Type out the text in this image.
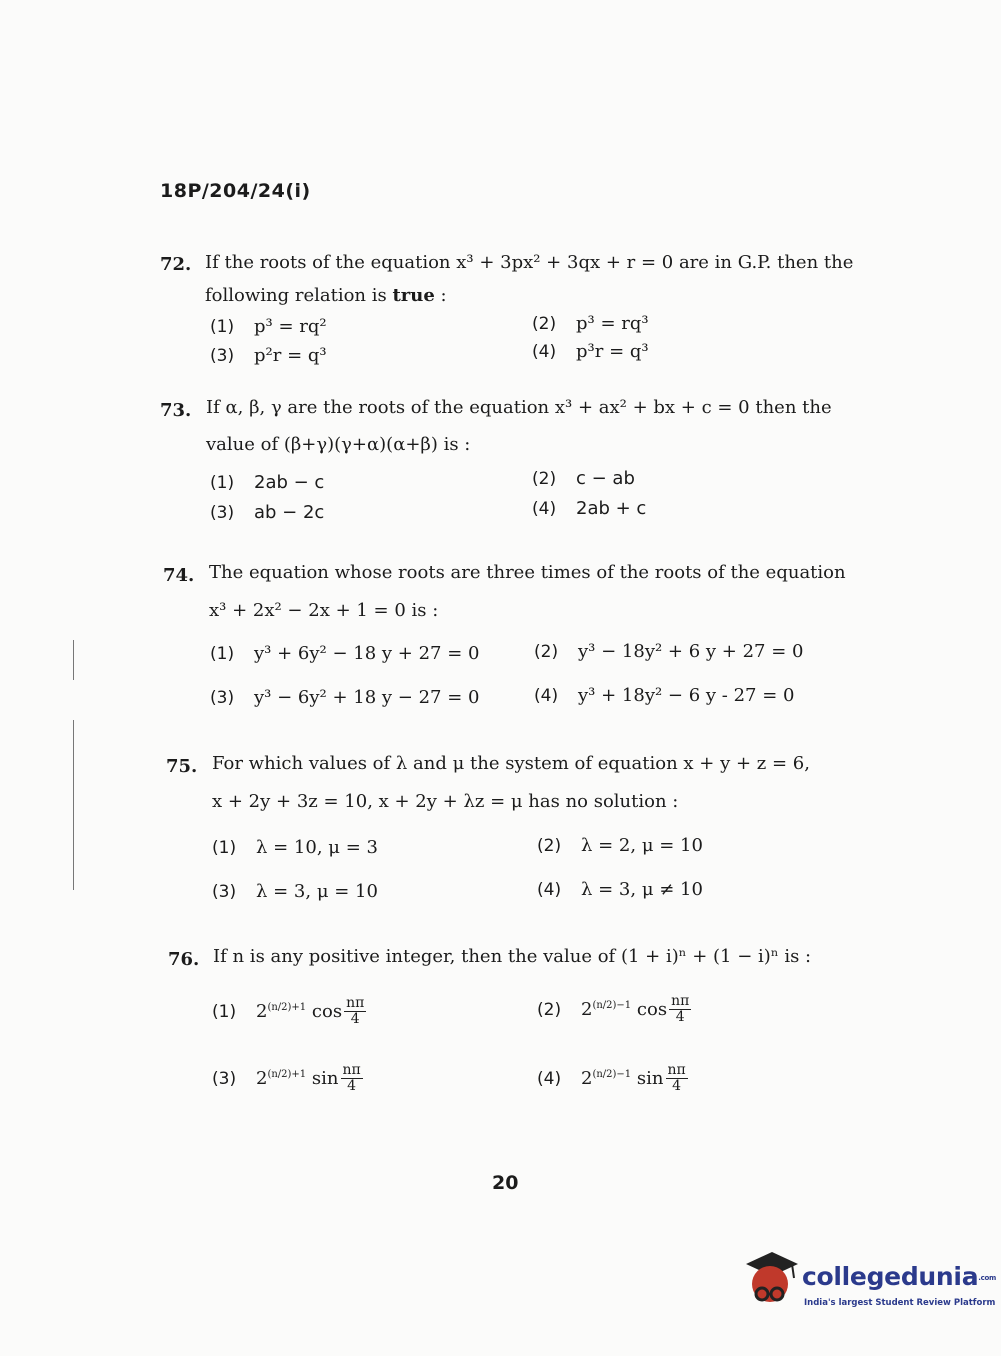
18P/204/24(i)
72. If the roots of the equation x³ + 3px² + 3qx + r = 0 are in G.P. then the
following relation is true :
(1) p³ = rq²	(2) p³ = rq³
(3) p²r = q³	(4) p³r = q³
73. If α, β, γ are the roots of the equation x³ + ax² + bx + c = 0 then the
value of (β+γ)(γ+α)(α+β) is :
(1) 2ab − c	(2) c − ab
(3) ab − 2c	(4) 2ab + c
74. The equation whose roots are three times of the roots of the equation
x³ + 2x² − 2x + 1 = 0 is :
(1) y³ + 6y² − 18 y + 27 = 0	(2) y³ − 18y² + 6 y + 27 = 0
(3) y³ − 6y² + 18 y − 27 = 0	(4) y³ + 18y² − 6 y - 27 = 0
75. For which values of λ and μ the system of equation x + y + z = 6,
x + 2y + 3z = 10, x + 2y + λz = μ has no solution :
(1) λ = 10, μ = 3	(2) λ = 2, μ = 10
(3) λ = 3, μ = 10	(4) λ = 3, μ ≠ 10
76. If n is any positive integer, then the value of (1 + i)ⁿ + (1 − i)ⁿ is :
(1) $2^{(n/2)+1}$ $\cos \frac{n\pi}{4}$	(2) $2^{(n/2)-1}$ $\cos \frac{n\pi}{4}$
(3) $2^{(n/2)+1}$ $\sin \frac{n\pi}{4}$	(4) $2^{(n/2)-1}$ $\sin \frac{n\pi}{4}$
20
collegedunia.com
India's largest Student Review Platform
